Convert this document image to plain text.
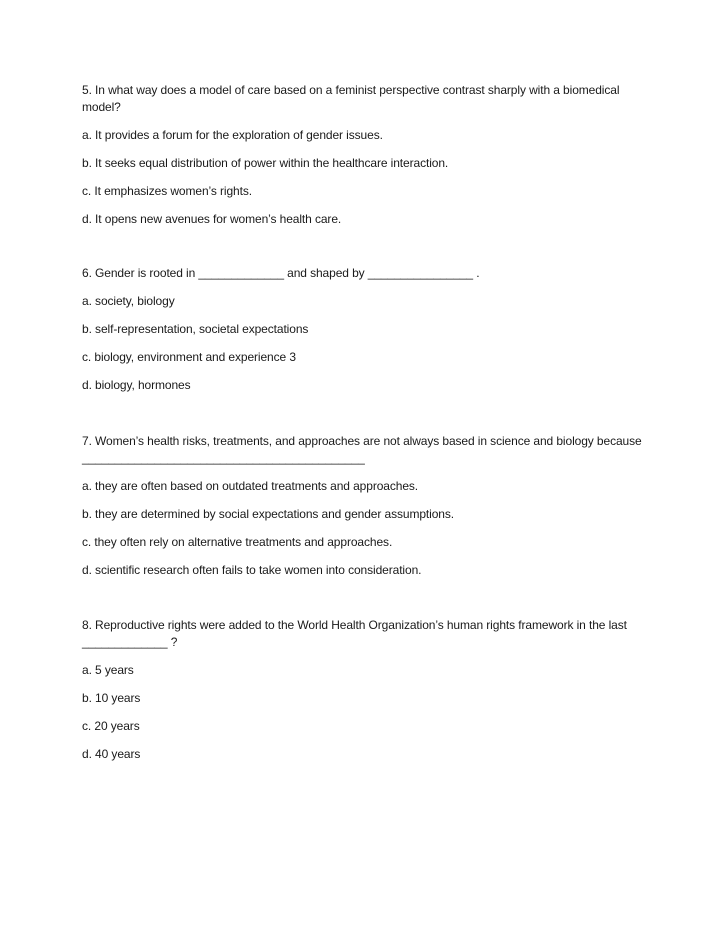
5. In what way does a model of care based on a feminist perspective contrast sharply with a biomedical model?

a. It provides a forum for the exploration of gender issues.

b. It seeks equal distribution of power within the healthcare interaction.

c. It emphasizes women’s rights.

d. It opens new avenues for women’s health care.

6. Gender is rooted in _____________ and shaped by ________________ .

a. society, biology

b. self-representation, societal expectations

c. biology, environment and experience 3

d. biology, hormones

7. Women’s health risks, treatments, and approaches are not always based in science and biology because ___________________________________________

a. they are often based on outdated treatments and approaches.

b. they are determined by social expectations and gender assumptions.

c. they often rely on alternative treatments and approaches.

d. scientific research often fails to take women into consideration.

8. Reproductive rights were added to the World Health Organization’s human rights framework in the last _____________ ?

a. 5 years

b. 10 years

c. 20 years

d. 40 years
